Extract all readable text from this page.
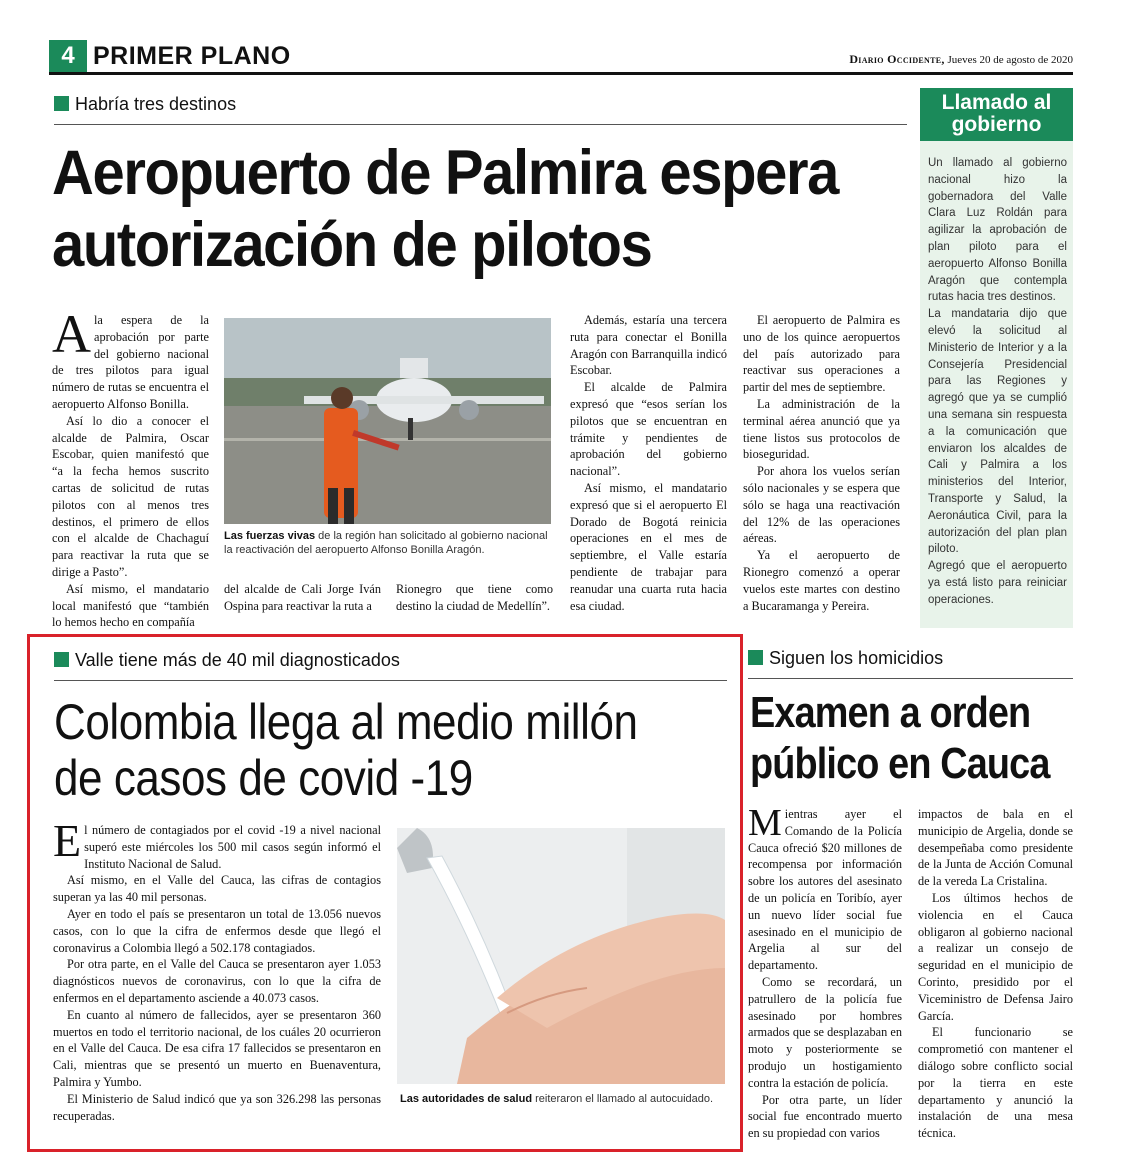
4 PRIMER PLANO	Diario Occidente, Jueves 20 de agosto de 2020
Habría tres destinos
Aeropuerto de Palmira espera autorización de pilotos

Ala espera de la aprobación por parte del gobierno nacional de tres pilotos para igual número de rutas se encuentra el aeropuerto Alfonso Bonilla.

Así lo dio a conocer el alcalde de Palmira, Oscar Escobar, quien manifestó que “a la fecha hemos suscrito cartas de solicitud de rutas pilotos con al menos tres destinos, el primero de ellos con el alcalde de Chachaguí para reactivar la ruta que se dirige a Pasto”.

Así mismo, el mandatario local manifestó que “también lo hemos hecho en compañía

Las fuerzas vivas de la región han solicitado al gobierno nacional la reactivación del aeropuerto Alfonso Bonilla Aragón.

del alcalde de Cali Jorge Iván Ospina para reactivar la ruta a

Rionegro que tiene como destino la ciudad de Medellín”.

Además, estaría una tercera ruta para conectar el Bonilla Aragón con Barranquilla indicó Escobar.

El alcalde de Palmira expresó que “esos serían los pilotos que se encuentran en trámite y pendientes de aprobación del gobierno nacional”.

Así mismo, el mandatario expresó que si el aeropuerto El Dorado de Bogotá reinicia operaciones en el mes de septiembre, el Valle estaría pendiente de trabajar para reanudar una cuarta ruta hacia esa ciudad.

El aeropuerto de Palmira es uno de los quince aeropuertos del país autorizado para reactivar sus operaciones a partir del mes de septiembre.

La administración de la terminal aérea anunció que ya tiene listos sus protocolos de bioseguridad.

Por ahora los vuelos serían sólo nacionales y se espera que sólo se haga una reactivación del 12% de las operaciones aéreas.

Ya el aeropuerto de Rionegro comenzó a operar vuelos este martes con destino a Bucaramanga y Pereira.

Llamado al gobierno

Un llamado al gobierno nacional hizo la gobernadora del Valle Clara Luz Roldán para agilizar la aprobación de plan piloto para el aeropuerto Alfonso Bonilla Aragón que contempla rutas hacia tres destinos.

La mandataria dijo que elevó la solicitud al Ministerio de Interior y a la Consejería Presidencial para las Regiones y agregó que ya se cumplió una semana sin respuesta a la comunicación que enviaron los alcaldes de Cali y Palmira a los ministerios del Interior, Transporte y Salud, la Aeronáutica Civil, para la autorización del plan plan piloto.

Agregó que el aeropuerto ya está listo para reiniciar operaciones.

Valle tiene más de 40 mil diagnosticados
Colombia llega al medio millón de casos de covid -19

El número de contagiados por el covid -19 a nivel nacional superó este miércoles los 500 mil casos según informó el Instituto Nacional de Salud.

Así mismo, en el Valle del Cauca, las cifras de contagios superan ya las 40 mil personas.

Ayer en todo el país se presentaron un total de 13.056 nuevos casos, con lo que la cifra de enfermos desde que llegó el coronavirus a Colombia llegó a 502.178 contagiados.

Por otra parte, en el Valle del Cauca se presentaron ayer 1.053 diagnósticos nuevos de coronavirus, con lo que la cifra de enfermos en el departamento asciende a 40.073 casos.

En cuanto al número de fallecidos, ayer se presentaron 360 muertos en todo el territorio nacional, de los cuáles 20 ocurrieron en el Valle del Cauca. De esa cifra 17 fallecidos se presentaron en Cali, mientras que se presentó un muerto en Buenaventura, Palmira y Yumbo.

El Ministerio de Salud indicó que ya son 326.298 las personas recuperadas.

Las autoridades de salud reiteraron el llamado al autocuidado.
Siguen los homicidios
Examen a orden público en Cauca

Mientras ayer el Comando de la Policía Cauca ofreció $20 millones de recompensa por información sobre los autores del asesinato de un policía en Toribío, ayer un nuevo líder social fue asesinado en el municipio de Argelia al sur del departamento.

Como se recordará, un patrullero de la policía fue asesinado por hombres armados que se desplazaban en moto y posteriormente se produjo un hostigamiento contra la estación de policía.

Por otra parte, un líder social fue encontrado muerto en su propiedad con varios

impactos de bala en el municipio de Argelia, donde se desempeñaba como presidente de la Junta de Acción Comunal de la vereda La Cristalina.

Los últimos hechos de violencia en el Cauca obligaron al gobierno nacional a realizar un consejo de seguridad en el municipio de Corinto, presidido por el Viceministro de Defensa Jairo García.

El funcionario se comprometió con mantener el diálogo sobre conflicto social por la tierra en este departamento y anunció la instalación de una mesa técnica.
